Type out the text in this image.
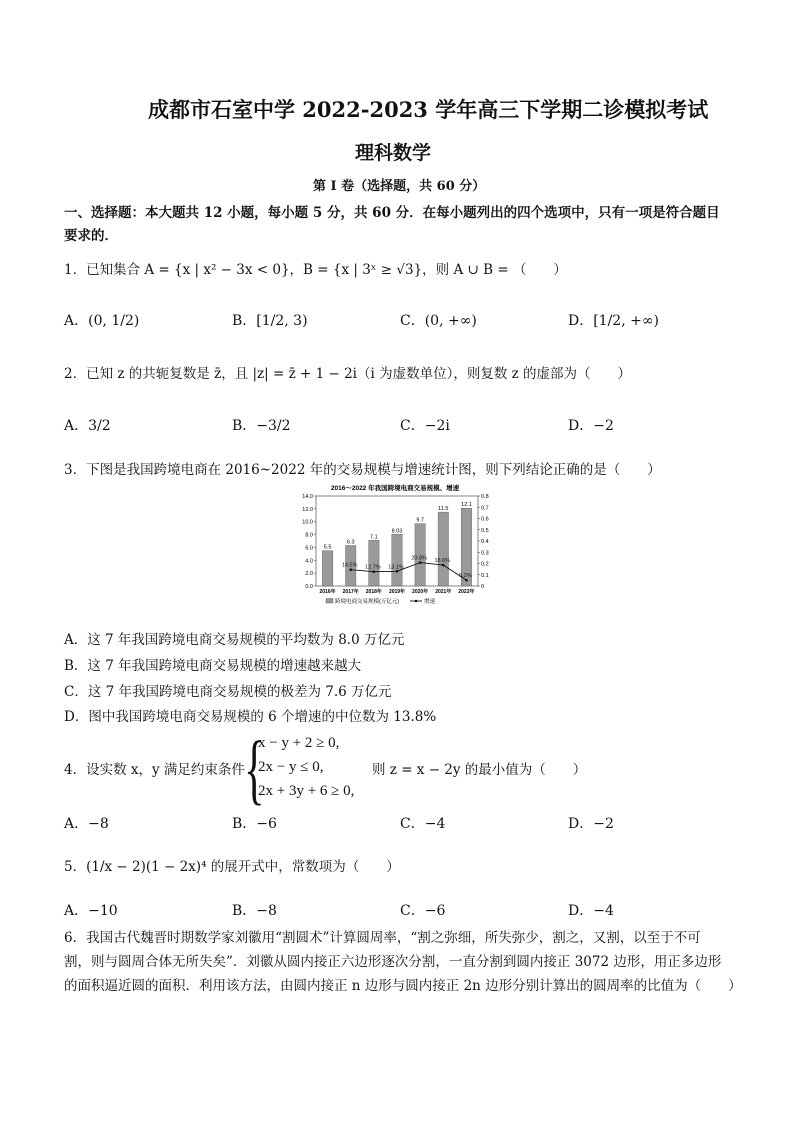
成都市石室中学 2022-2023 学年高三下学期二诊模拟考试
理科数学
第 I 卷（选择题，共 60 分）
一、选择题：本大题共 12 小题，每小题 5 分，共 60 分．在每小题列出的四个选项中，只有一项是符合题目
要求的．
1．已知集合 A = {x | x² − 3x < 0}，B = {x | 3ˣ ≥ √3}，则 A ∪ B = （　　）
A．(0, 1/2)	B．[1/2, 3)	C．(0, +∞)	D．[1/2, +∞)
2．已知 z 的共轭复数是 z̄，且 |z| = z̄ + 1 − 2i（i 为虚数单位），则复数 z 的虚部为（　　）
A．3/2	B．−3/2	C．−2i	D．−2
3．下图是我国跨境电商在 2016~2022 年的交易规模与增速统计图，则下列结论正确的是（　　）
2016～2022 年我国跨境电商交易规模、增速
0.0
2.0
4.0
6.0
8.0
10.0
12.0
14.0
0
0.1
0.2
0.3
0.4
0.5
0.6
0.7
0.8
5.5
2016年
6.3
2017年
7.1
2018年
8.03
2019年
9.7
2020年
11.5
2021年
12.1
2022年
14.5% 12.7% 13.1%
20.8% 18.6%
5.2%
跨境电商交易规模(万亿元)	增速
A．这 7 年我国跨境电商交易规模的平均数为 8.0 万亿元
B．这 7 年我国跨境电商交易规模的增速越来越大
C．这 7 年我国跨境电商交易规模的极差为 7.6 万亿元
D．图中我国跨境电商交易规模的 6 个增速的中位数为 13.8%
4．设实数 x，y 满足约束条件 {
x − y + 2 ≥ 0,
2x − y ≤ 0,
2x + 3y + 6 ≥ 0,
则 z = x − 2y 的最小值为（　　）
A．−8	B．−6	C．−4	D．−2
5．(1/x − 2)(1 − 2x)⁴ 的展开式中，常数项为（　　）
A．−10	B．−8	C．−6	D．−4
6．我国古代魏晋时期数学家刘徽用“割圆术”计算圆周率，“割之弥细，所失弥少，割之，又割，以至于不可
割，则与圆周合体无所失矣”．刘徽从圆内接正六边形逐次分割，一直分割到圆内接正 3072 边形，用正多边形
的面积逼近圆的面积．利用该方法，由圆内接正 n 边形与圆内接正 2n 边形分别计算出的圆周率的比值为（　　）
